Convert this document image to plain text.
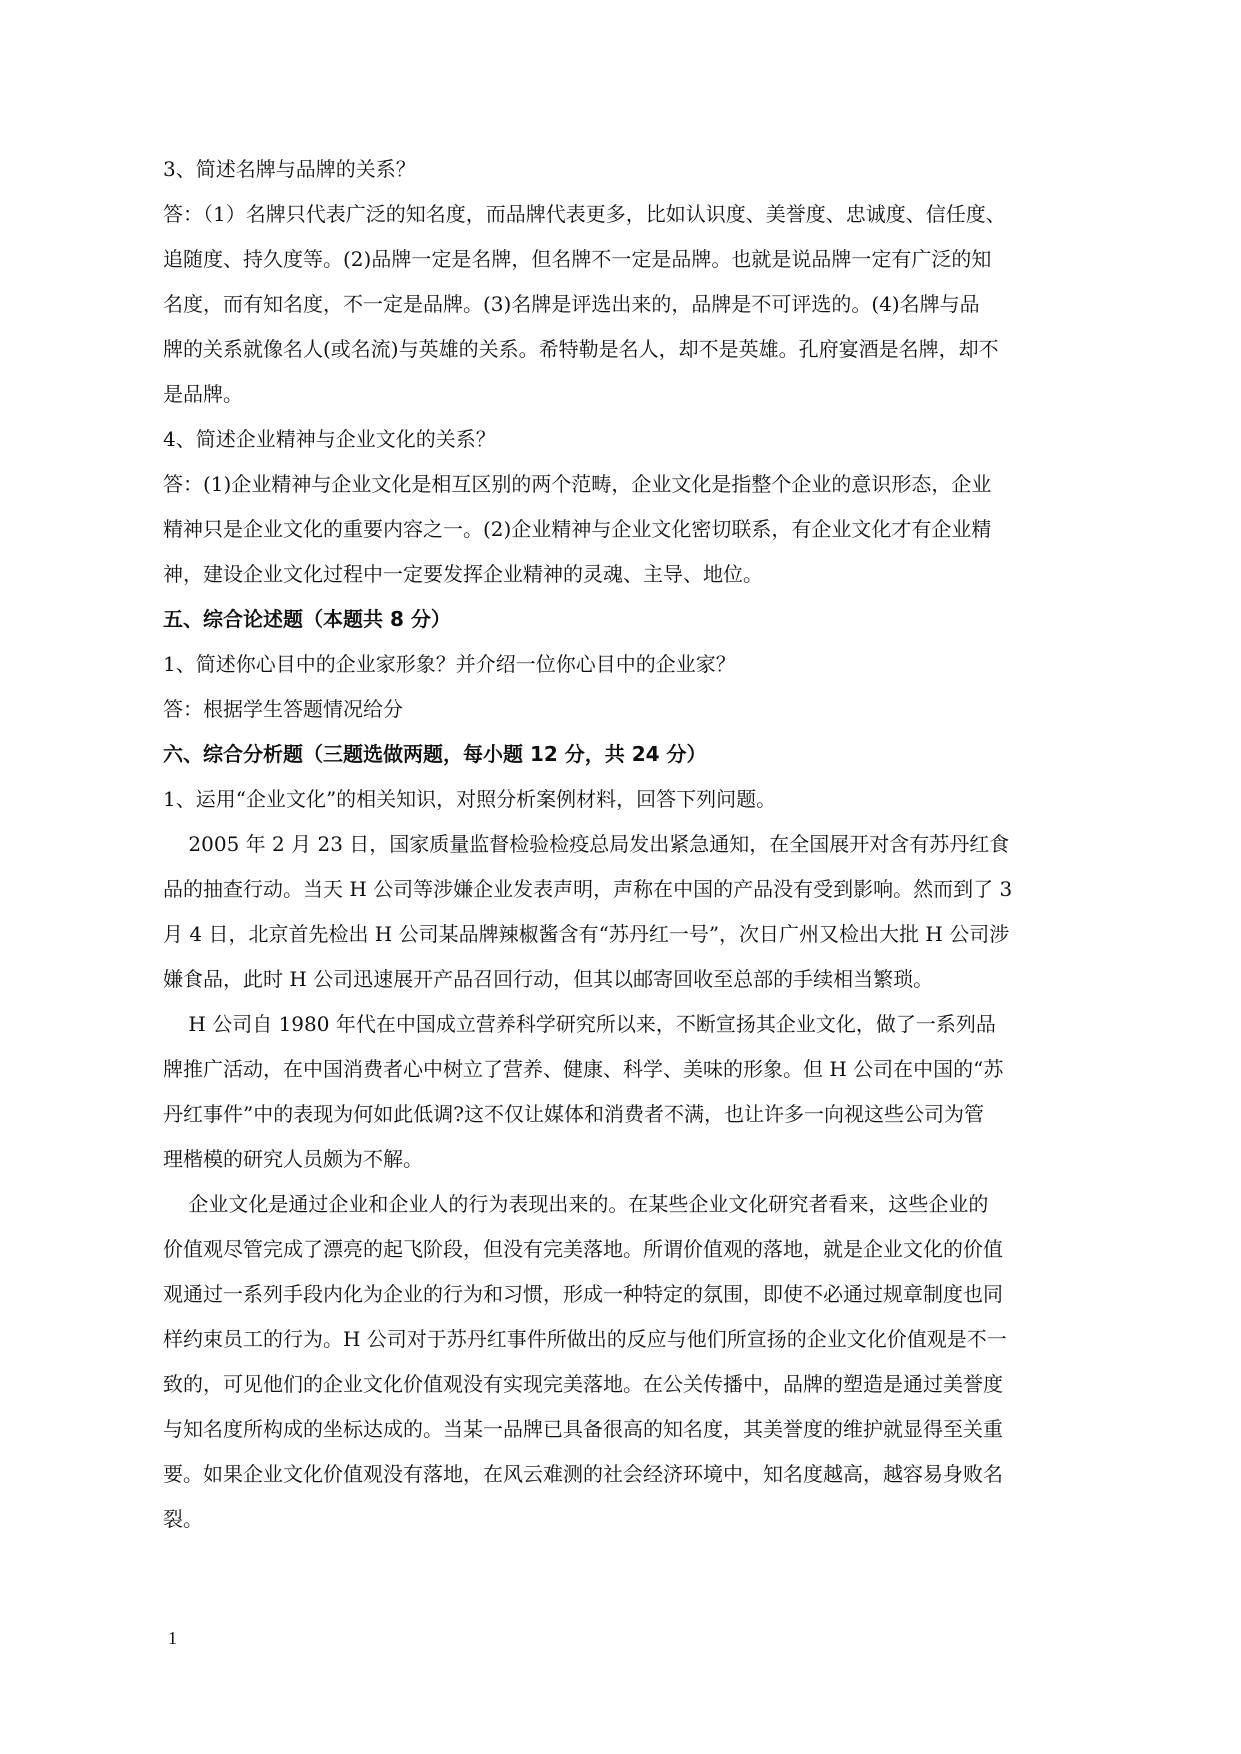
3、简述名牌与品牌的关系？
答：（1）名牌只代表广泛的知名度，而品牌代表更多，比如认识度、美誉度、忠诚度、信任度、
追随度、持久度等。(2)品牌一定是名牌，但名牌不一定是品牌。也就是说品牌一定有广泛的知
名度，而有知名度，不一定是品牌。(3)名牌是评选出来的，品牌是不可评选的。(4)名牌与品
牌的关系就像名人(或名流)与英雄的关系。希特勒是名人，却不是英雄。孔府宴酒是名牌，却不
是品牌。
4、简述企业精神与企业文化的关系？
答：(1)企业精神与企业文化是相互区别的两个范畴，企业文化是指整个企业的意识形态，企业
精神只是企业文化的重要内容之一。(2)企业精神与企业文化密切联系，有企业文化才有企业精
神，建设企业文化过程中一定要发挥企业精神的灵魂、主导、地位。
五、综合论述题（本题共 8 分）
1、简述你心目中的企业家形象？并介绍一位你心目中的企业家？
答：根据学生答题情况给分
六、综合分析题（三题选做两题，每小题 12 分，共 24 分）
1、运用“企业文化”的相关知识，对照分析案例材料，回答下列问题。
2005 年 2 月 23 日，国家质量监督检验检疫总局发出紧急通知，在全国展开对含有苏丹红食
品的抽查行动。当天 H 公司等涉嫌企业发表声明，声称在中国的产品没有受到影响。然而到了 3
月 4 日，北京首先检出 H 公司某品牌辣椒酱含有“苏丹红一号”，次日广州又检出大批 H 公司涉
嫌食品，此时 H 公司迅速展开产品召回行动，但其以邮寄回收至总部的手续相当繁琐。
H 公司自 1980 年代在中国成立营养科学研究所以来，不断宣扬其企业文化，做了一系列品
牌推广活动，在中国消费者心中树立了营养、健康、科学、美味的形象。但 H 公司在中国的“苏
丹红事件”中的表现为何如此低调?这不仅让媒体和消费者不满，也让许多一向视这些公司为管
理楷模的研究人员颇为不解。
企业文化是通过企业和企业人的行为表现出来的。在某些企业文化研究者看来，这些企业的
价值观尽管完成了漂亮的起飞阶段，但没有完美落地。所谓价值观的落地，就是企业文化的价值
观通过一系列手段内化为企业的行为和习惯，形成一种特定的氛围，即使不必通过规章制度也同
样约束员工的行为。H 公司对于苏丹红事件所做出的反应与他们所宣扬的企业文化价值观是不一
致的，可见他们的企业文化价值观没有实现完美落地。在公关传播中，品牌的塑造是通过美誉度
与知名度所构成的坐标达成的。当某一品牌已具备很高的知名度，其美誉度的维护就显得至关重
要。如果企业文化价值观没有落地，在风云难测的社会经济环境中，知名度越高，越容易身败名
裂。
1
